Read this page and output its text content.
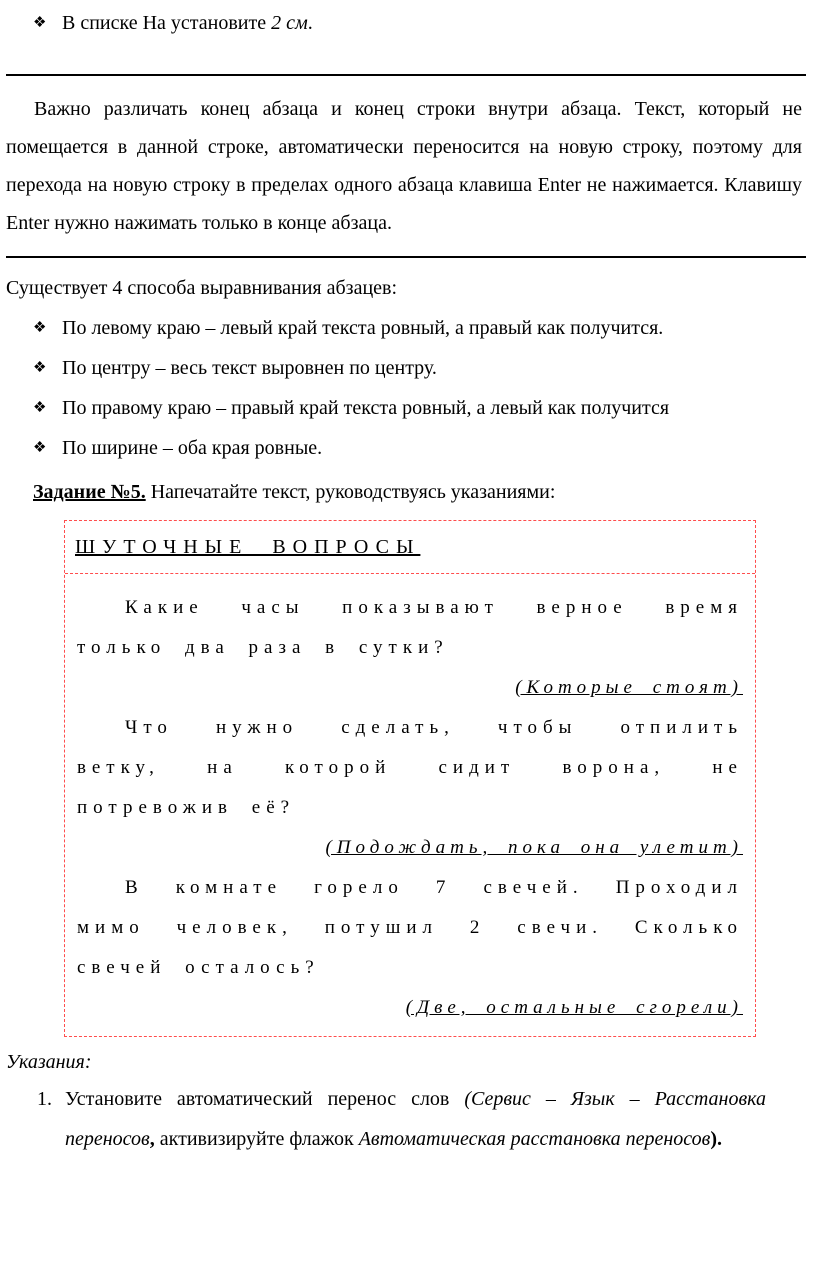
❖ В списке На установите 2 см.

Важно различать конец абзаца и конец строки внутри абзаца. Текст, который не помещается в данной строке, автоматически переносится на новую строку, поэтому для перехода на новую строку в пределах одного абзаца клавиша Enter не нажимается. Клавишу Enter нужно нажимать только в конце абзаца.

Существует 4 способа выравнивания абзацев:

❖ По левому краю – левый край текста ровный, а правый как получится.
❖ По центру – весь текст выровнен по центру.
❖ По правому краю – правый край текста ровный, а левый как получится
❖ По ширине – оба края ровные.

Задание №5. Напечатайте текст, руководствуясь указаниями:

ШУТОЧНЫЕ ВОПРОСЫ

Какие часы показывают верное время только два раза в сутки?

(Которые стоят)

Что нужно сделать, чтобы отпилить ветку, на которой сидит ворона, не потревожив её?

(Подождать, пока она улетит)

В комнате горело 7 свечей. Проходил мимо человек, потушил 2 свечи. Сколько свечей осталось?

(Две, остальные сгорели)

Указания:

1. Установите автоматический перенос слов (Сервис – Язык – Расстановка переносов, активизируйте флажок Автоматическая расстановка переносов).
